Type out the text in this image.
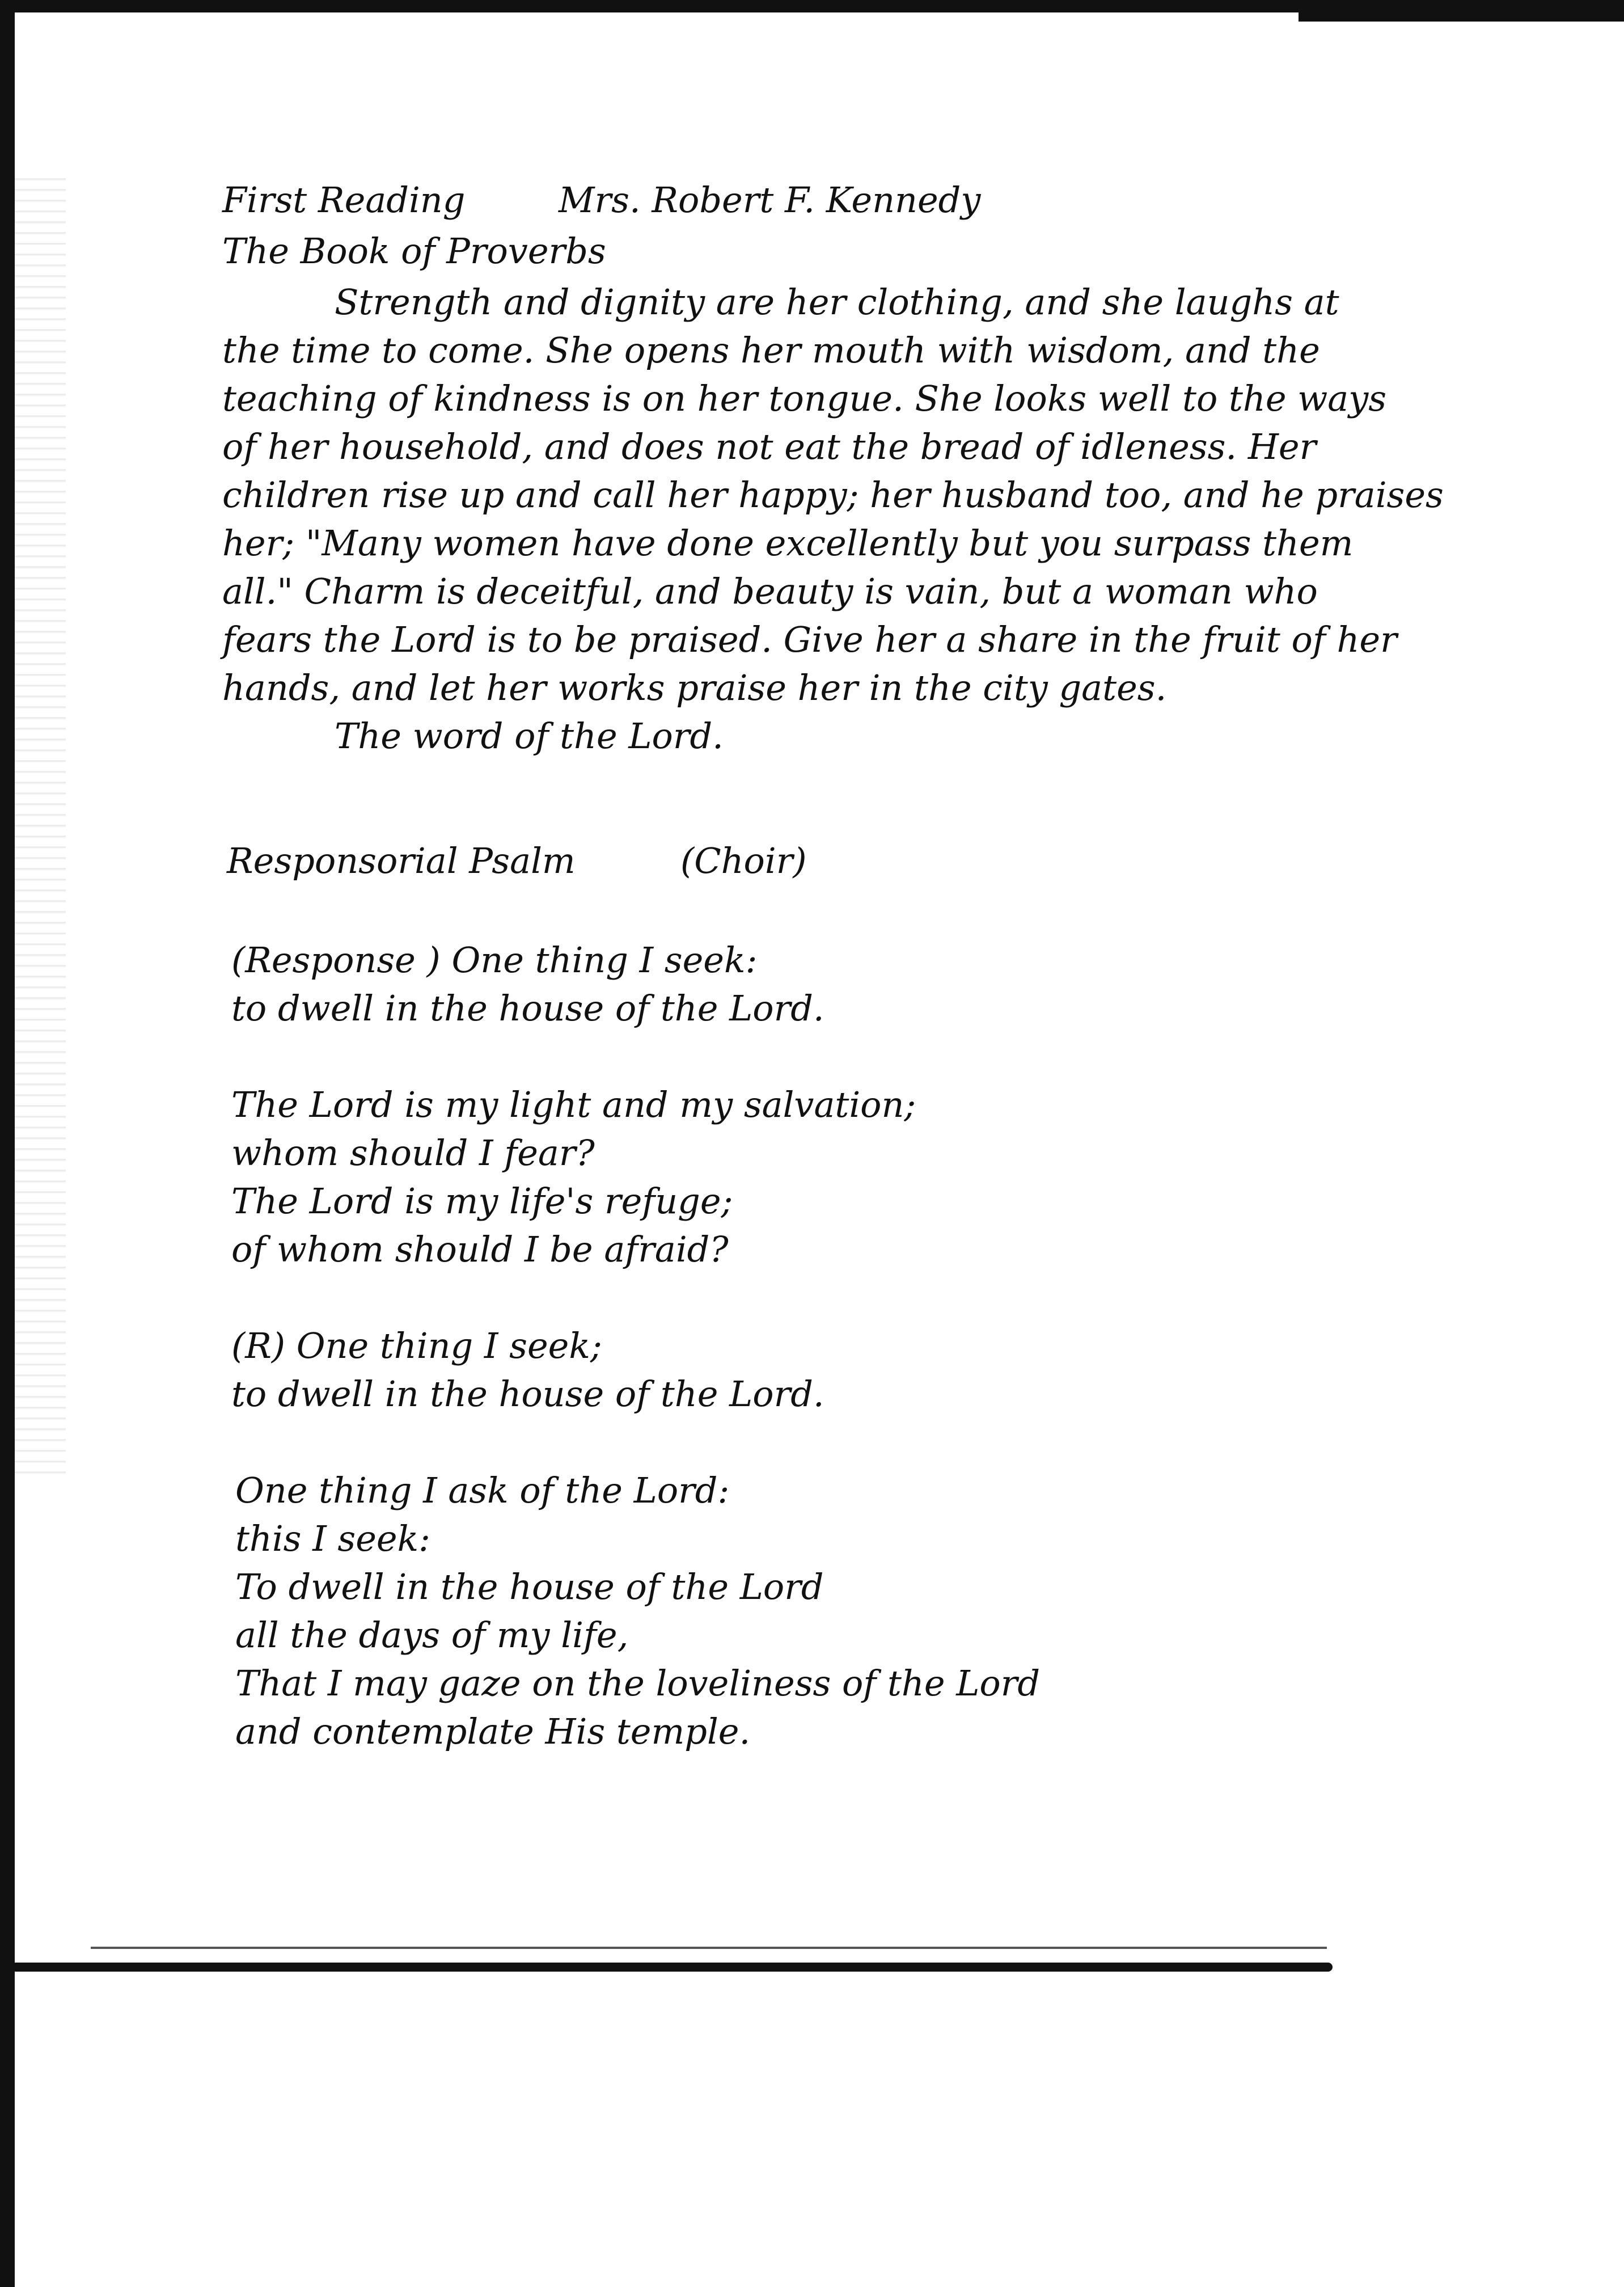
First Reading	Mrs. Robert F. Kennedy
The Book of Proverbs
Strength and dignity are her clothing, and she laughs at
the time to come. She opens her mouth with wisdom, and the
teaching of kindness is on her tongue. She looks well to the ways
of her household, and does not eat the bread of idleness. Her
children rise up and call her happy; her husband too, and he praises
her; "Many women have done excellently but you surpass them
all." Charm is deceitful, and beauty is vain, but a woman who
fears the Lord is to be praised. Give her a share in the fruit of her
hands, and let her works praise her in the city gates.
The word of the Lord.
Responsorial Psalm	(Choir)
(Response ) One thing I seek:
to dwell in the house of the Lord.
The Lord is my light and my salvation;
whom should I fear?
The Lord is my life's refuge;
of whom should I be afraid?
(R) One thing I seek;
to dwell in the house of the Lord.
One thing I ask of the Lord:
this I seek:
To dwell in the house of the Lord
all the days of my life,
That I may gaze on the loveliness of the Lord
and contemplate His temple.
